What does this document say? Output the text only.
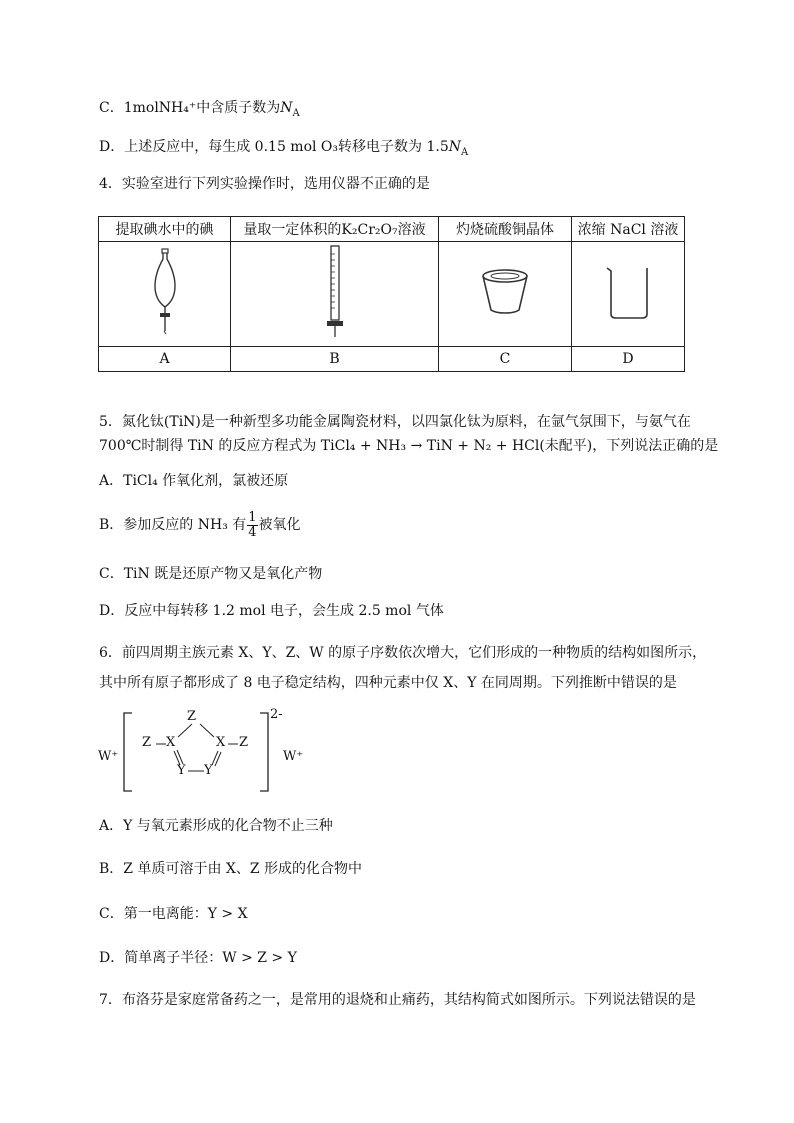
C．1molNH₄⁺中含质子数为$N_A$
D．上述反应中，每生成 0.15 mol O₃转移电子数为 $1.5N_A$
4．实验室进行下列实验操作时，选用仪器不正确的是
提取碘水中的碘	量取一定体积的K₂Cr₂O₇溶液	灼烧硫酸铜晶体	浓缩 NaCl 溶液

A	B	C	D
5．氮化钛(TiN)是一种新型多功能金属陶瓷材料，以四氯化钛为原料，在氩气氛围下，与氨气在
700℃时制得 TiN 的反应方程式为 TiCl₄ + NH₃ → TiN + N₂ + HCl(未配平)，下列说法正确的是
A．TiCl₄ 作氧化剂，氯被还原
B．参加反应的 NH₃ 有 $\frac{1}{4}$ 被氧化
C．TiN 既是还原产物又是氧化产物
D．反应中每转移 1.2 mol 电子，会生成 2.5 mol 气体
6．前四周期主族元素 X、Y、Z、W 的原子序数依次增大，它们形成的一种物质的结构如图所示，
其中所有原子都形成了 8 电子稳定结构，四种元素中仅 X、Y 在同周期。下列推断中错误的是
W⁺
Z
Z X	X Z
Y Y
2-
W⁺
A．Y 与氧元素形成的化合物不止三种
B．Z 单质可溶于由 X、Z 形成的化合物中
C．第一电离能：Y > X
D．简单离子半径：W > Z > Y
7．布洛芬是家庭常备药之一，是常用的退烧和止痛药，其结构简式如图所示。下列说法错误的是
